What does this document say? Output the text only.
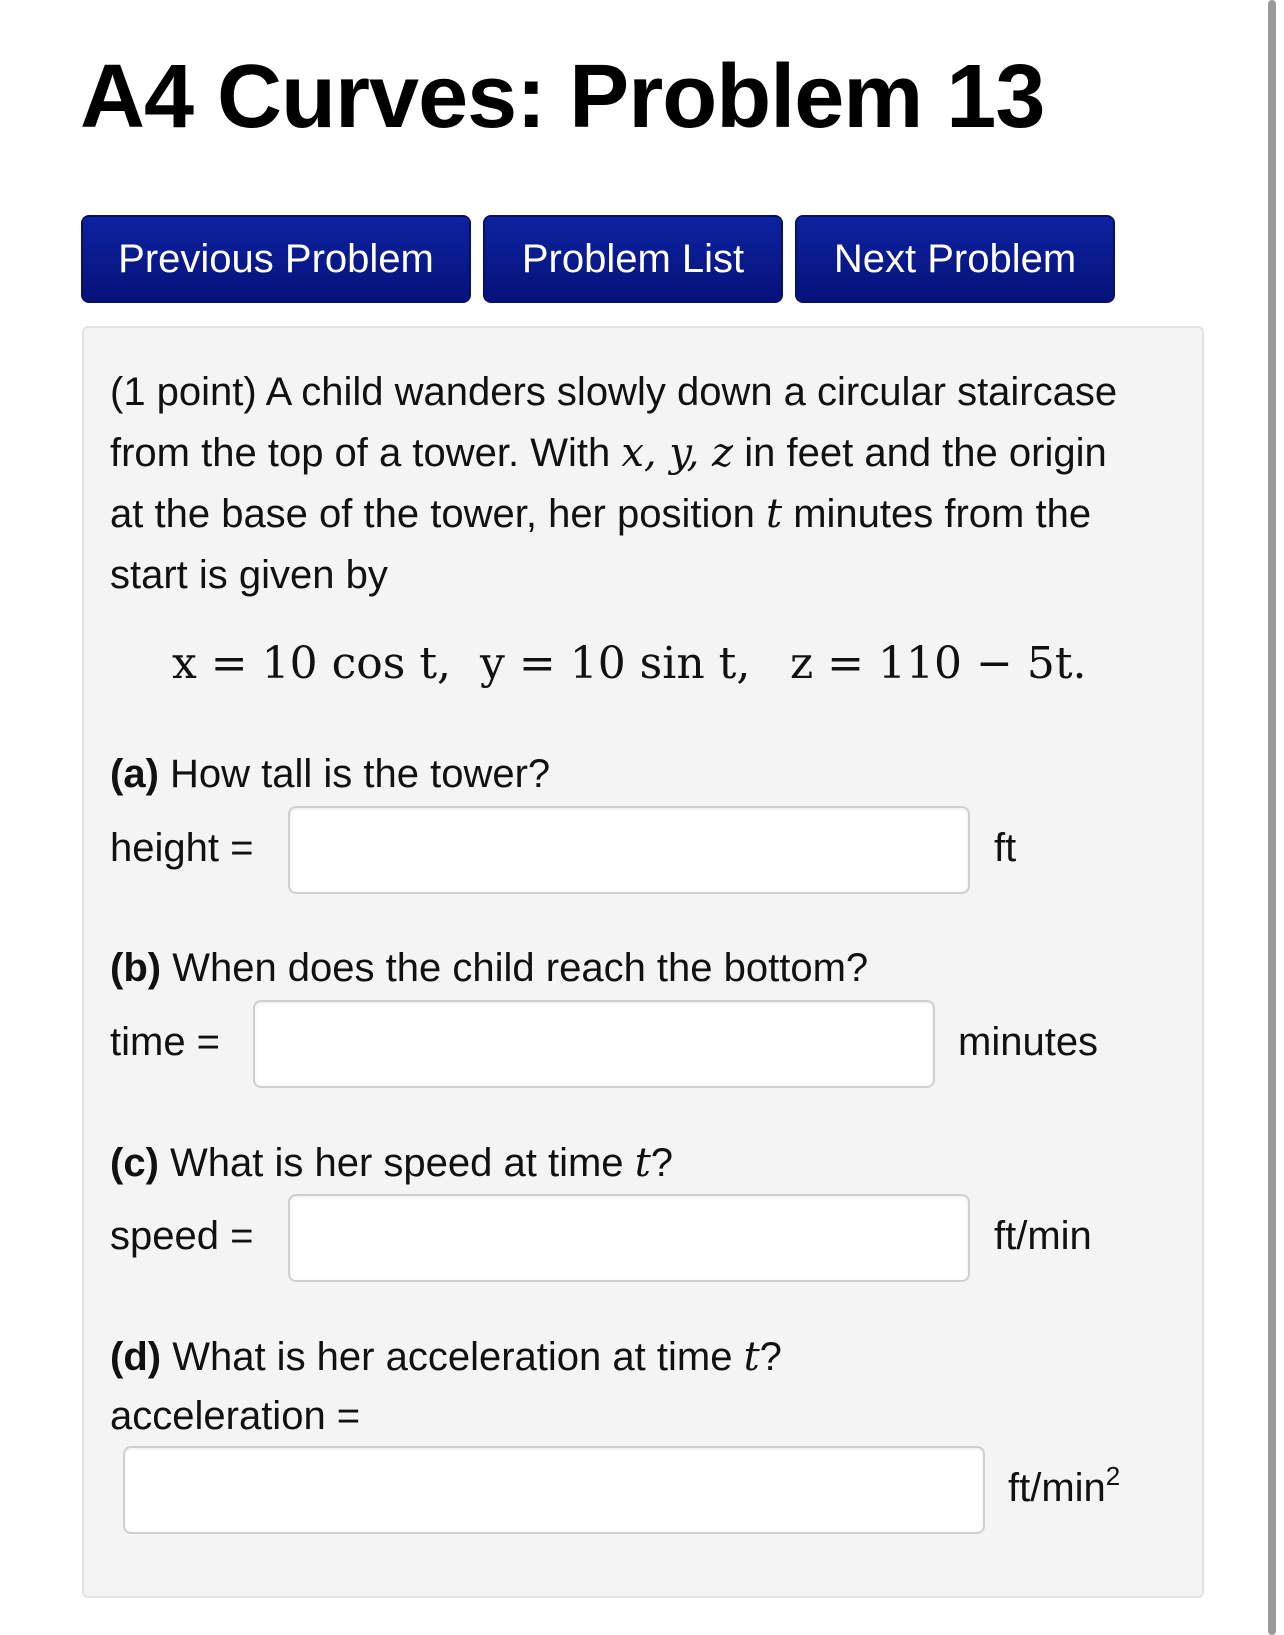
A4 Curves: Problem 13
Previous Problem	Problem List	Next Problem

(1 point) A child wanders slowly down a circular staircase from the top of a tower. With x, y, z in feet and the origin at the base of the tower, her position t minutes from the start is given by

x = 10 cos t, y = 10 sin t, z = 110 − 5t.

(a) How tall is the tower?

height =	ft

(b) When does the child reach the bottom?

time =	minutes

(c) What is her speed at time t?

speed =	ft/min

(d) What is her acceleration at time t?

acceleration =
$ft/\min^2$
